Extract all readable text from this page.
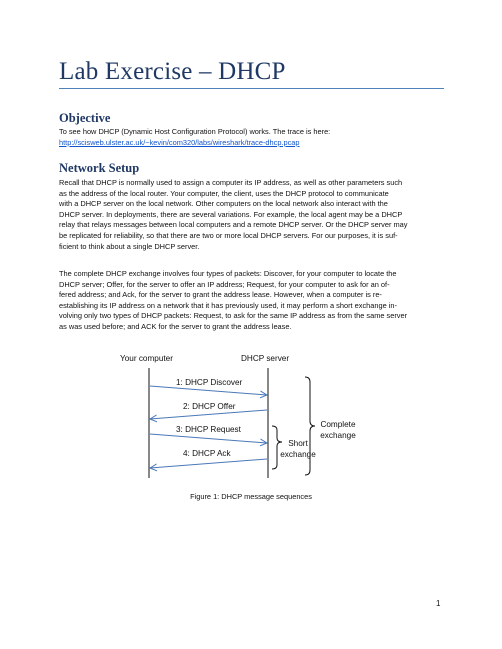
Lab Exercise – DHCP
Objective
To see how DHCP (Dynamic Host Configuration Protocol) works. The trace is here:
http://scisweb.ulster.ac.uk/~kevin/com320/labs/wireshark/trace-dhcp.pcap
Network Setup
Recall that DHCP is normally used to assign a computer its IP address, as well as other parameters such
as the address of the local router. Your computer, the client, uses the DHCP protocol to communicate
with a DHCP server on the local network. Other computers on the local network also interact with the
DHCP server. In deployments, there are several variations. For example, the local agent may be a DHCP
relay that relays messages between local computers and a remote DHCP server. Or the DHCP server may
be replicated for reliability, so that there are two or more local DHCP servers. For our purposes, it is suf-
ficient to think about a single DHCP server.
The complete DHCP exchange involves four types of packets: Discover, for your computer to locate the
DHCP server; Offer, for the server to offer an IP address; Request, for your computer to ask for an of-
fered address; and Ack, for the server to grant the address lease. However, when a computer is re-
establishing its IP address on a network that it has previously used, it may perform a short exchange in-
volving only two types of DHCP packets: Request, to ask for the same IP address as from the same server
as was used before; and ACK for the server to grant the address lease.
Your computer	DHCP server
1: DHCP Discover
2: DHCP Offer
3: DHCP Request
4: DHCP Ack
Complete
exchange
Short
exchange
Figure 1: DHCP message sequences
1
